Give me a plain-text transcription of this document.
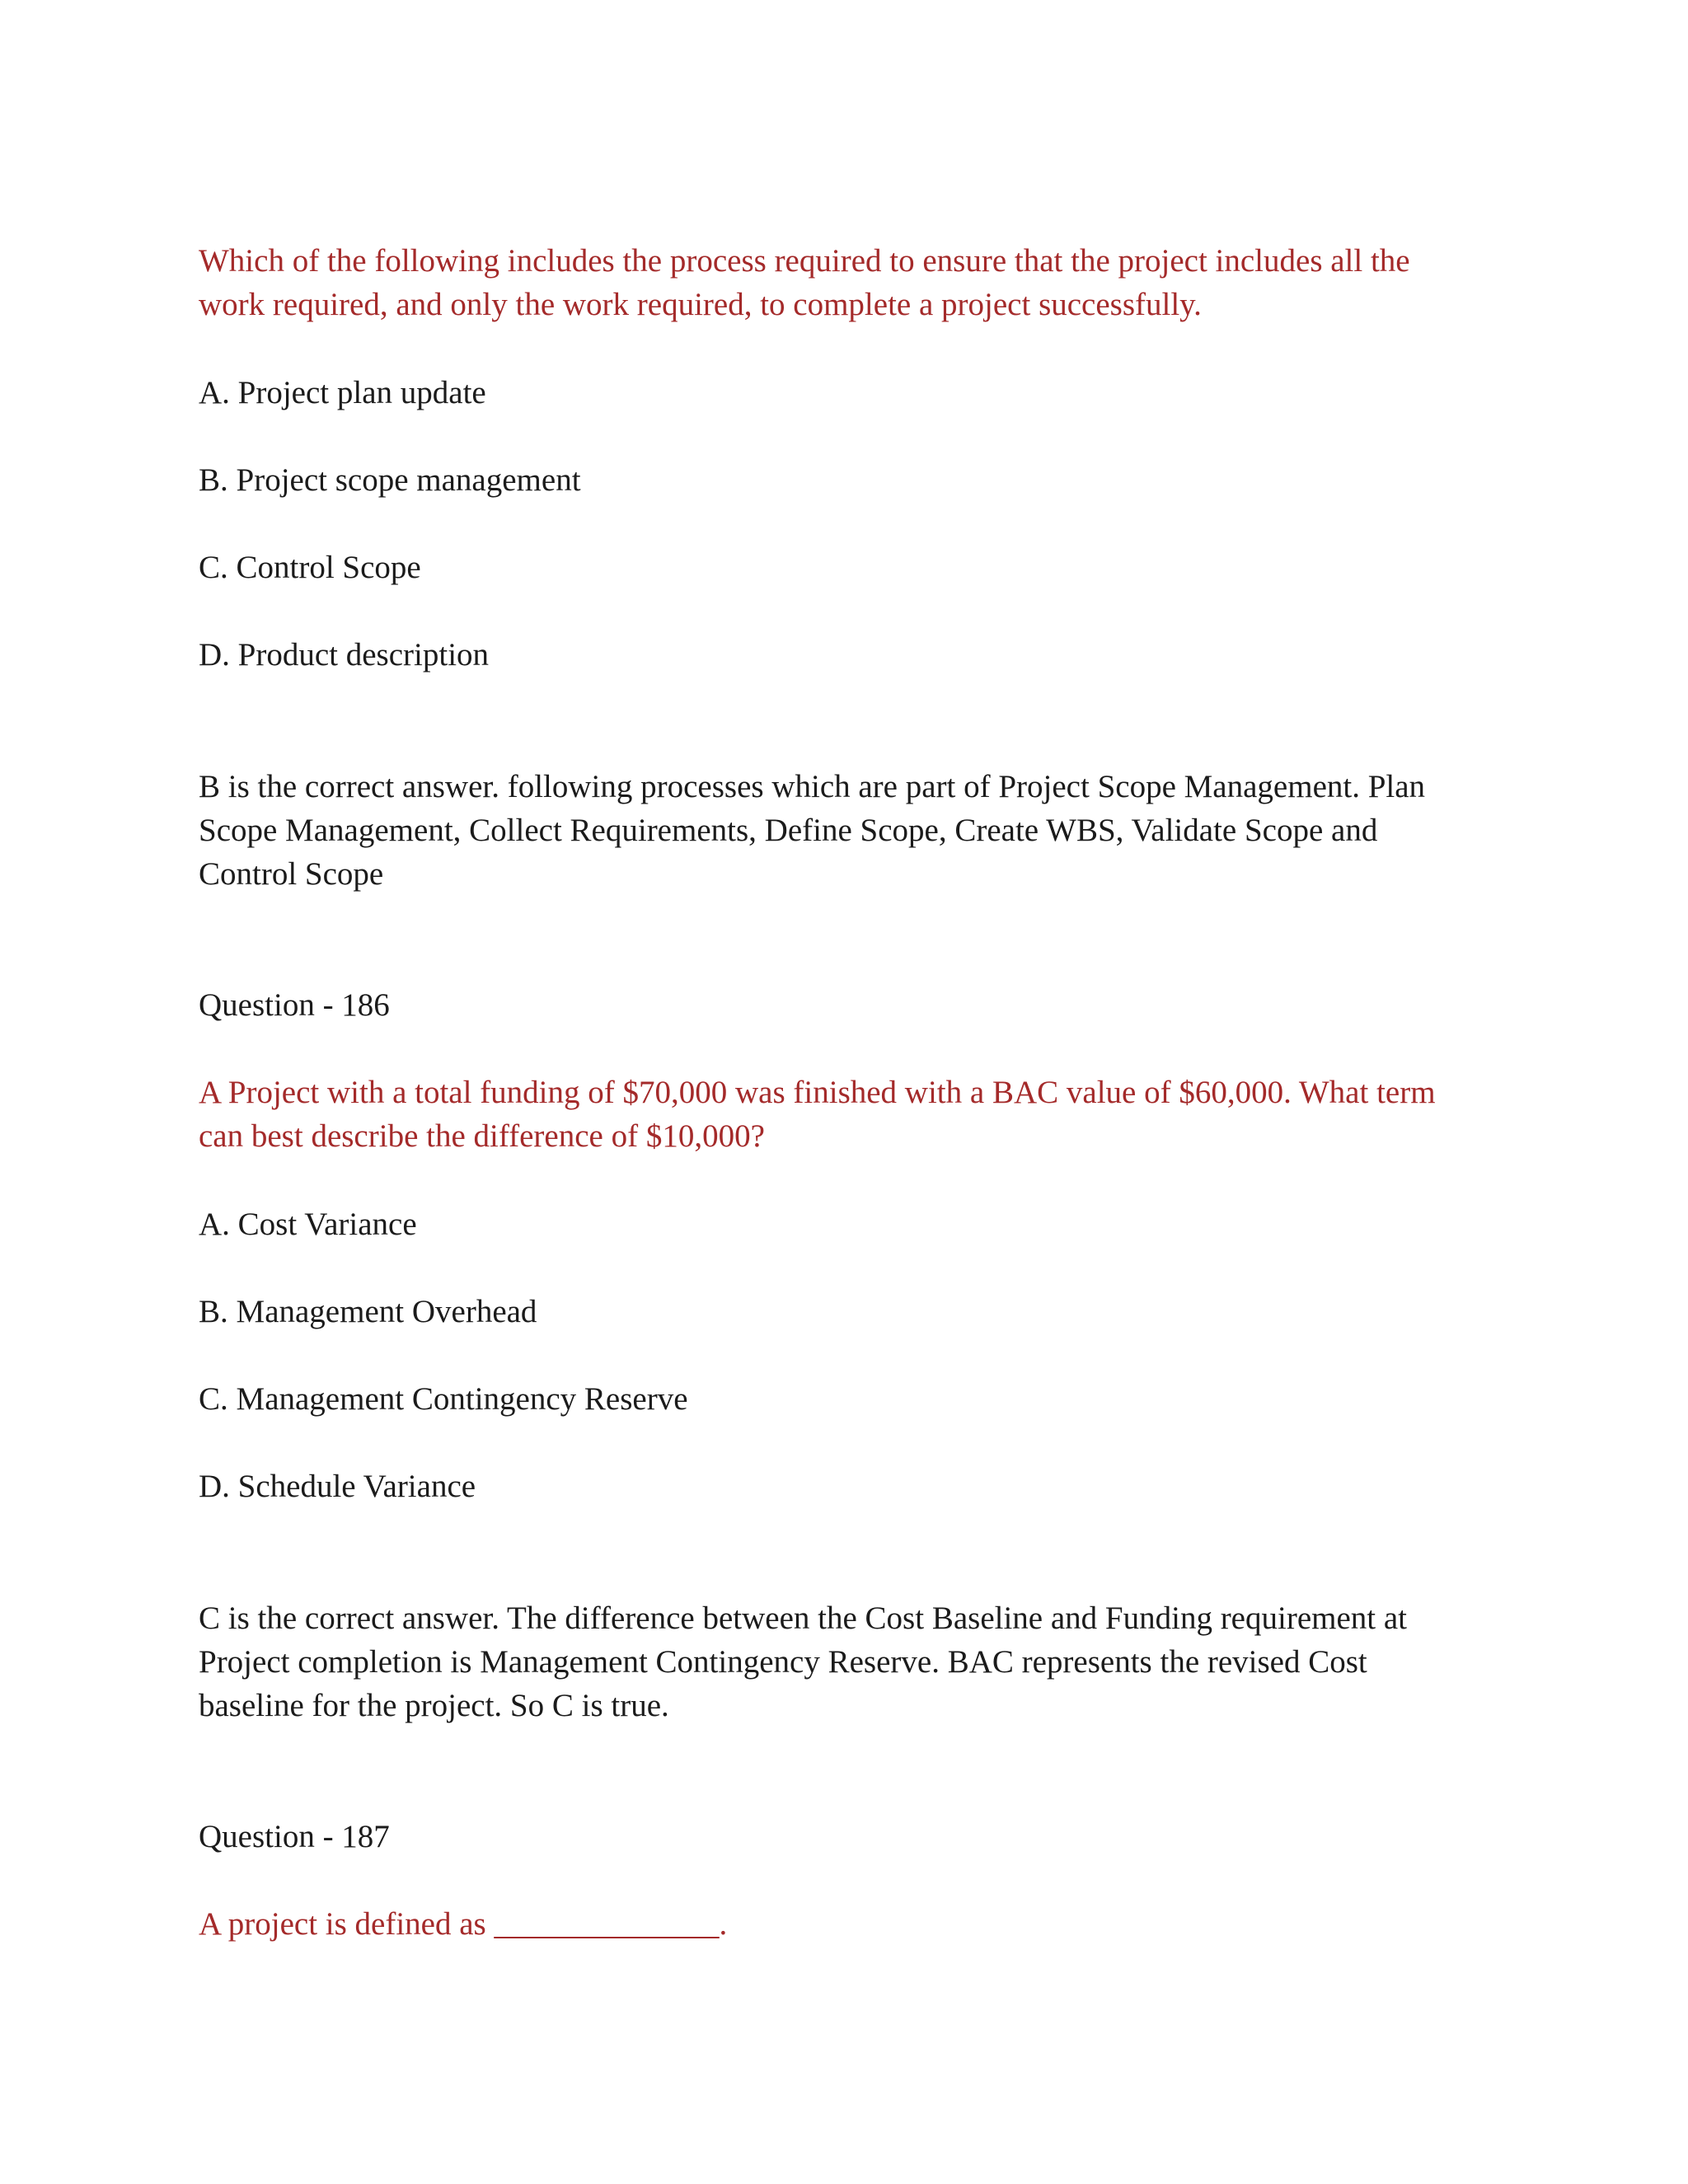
Which of the following includes the process required to ensure that the project includes all the
work required, and only the work required, to complete a project successfully.

A. Project plan update

B. Project scope management

C. Control Scope

D. Product description

B is the correct answer. following processes which are part of Project Scope Management. Plan
Scope Management, Collect Requirements, Define Scope, Create WBS, Validate Scope and
Control Scope

Question - 186

A Project with a total funding of $70,000 was finished with a BAC value of $60,000. What term
can best describe the difference of $10,000?

A. Cost Variance

B. Management Overhead

C. Management Contingency Reserve

D. Schedule Variance

C is the correct answer. The difference between the Cost Baseline and Funding requirement at
Project completion is Management Contingency Reserve. BAC represents the revised Cost
baseline for the project. So C is true.

Question - 187

A project is defined as ______________.
